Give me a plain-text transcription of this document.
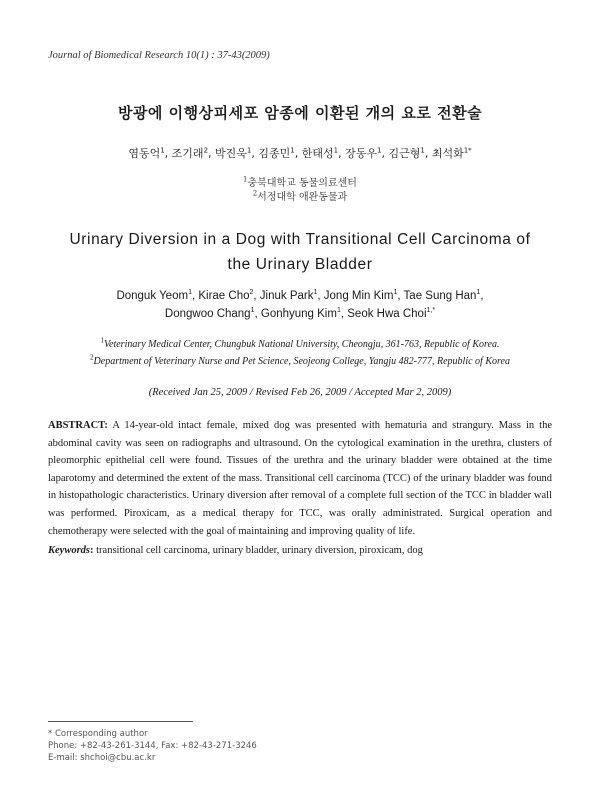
Journal of Biomedical Research 10(1) : 37-43(2009)
방광에 이행상피세포 암종에 이환된 개의 요로 전환술
염동억$^1$, 조기래$^2$, 박진욱$^1$, 김종민$^1$, 한태성$^1$, 장동우$^1$, 김근형$^1$, 최석화$^{1*}$
$^1$충북대학교 동물의료센터
$^2$서정대학 애완동물과
Urinary Diversion in a Dog with Transitional Cell Carcinoma of
the Urinary Bladder
Donguk Yeom$^1$, Kirae Cho$^2$, Jinuk Park$^1$, Jong Min Kim$^1$, Tae Sung Han$^1$,
Dongwoo Chang$^1$, Gonhyung Kim$^1$, Seok Hwa Choi$^{1,*}$
$^1$Veterinary Medical Center, Chungbuk National University, Cheongju, 361-763, Republic of Korea.
$^2$Department of Veterinary Nurse and Pet Science, Seojeong College, Yangju 482-777, Republic of Korea
(Received Jan 25, 2009 / Revised Feb 26, 2009 / Accepted Mar 2, 2009)
ABSTRACT: A 14-year-old intact female, mixed dog was presented with hematuria and strangury. Mass in the abdominal cavity was seen on radiographs and ultrasound. On the cytological examination in the urethra, clusters of pleomorphic epithelial cell were found. Tissues of the urethra and the urinary bladder were obtained at the time laparotomy and determined the extent of the mass. Transitional cell carcinoma (TCC) of the urinary bladder was found in histopathologic characteristics. Urinary diversion after removal of a complete full section of the TCC in bladder wall was performed. Piroxicam, as a medical therapy for TCC, was orally administrated. Surgical operation and chemotherapy were selected with the goal of maintaining and improving quality of life.
Keywords: transitional cell carcinoma, urinary bladder, urinary diversion, piroxicam, dog
* Corresponding author
Phone: +82-43-261-3144, Fax: +82-43-271-3246
E-mail: shchoi@cbu.ac.kr
